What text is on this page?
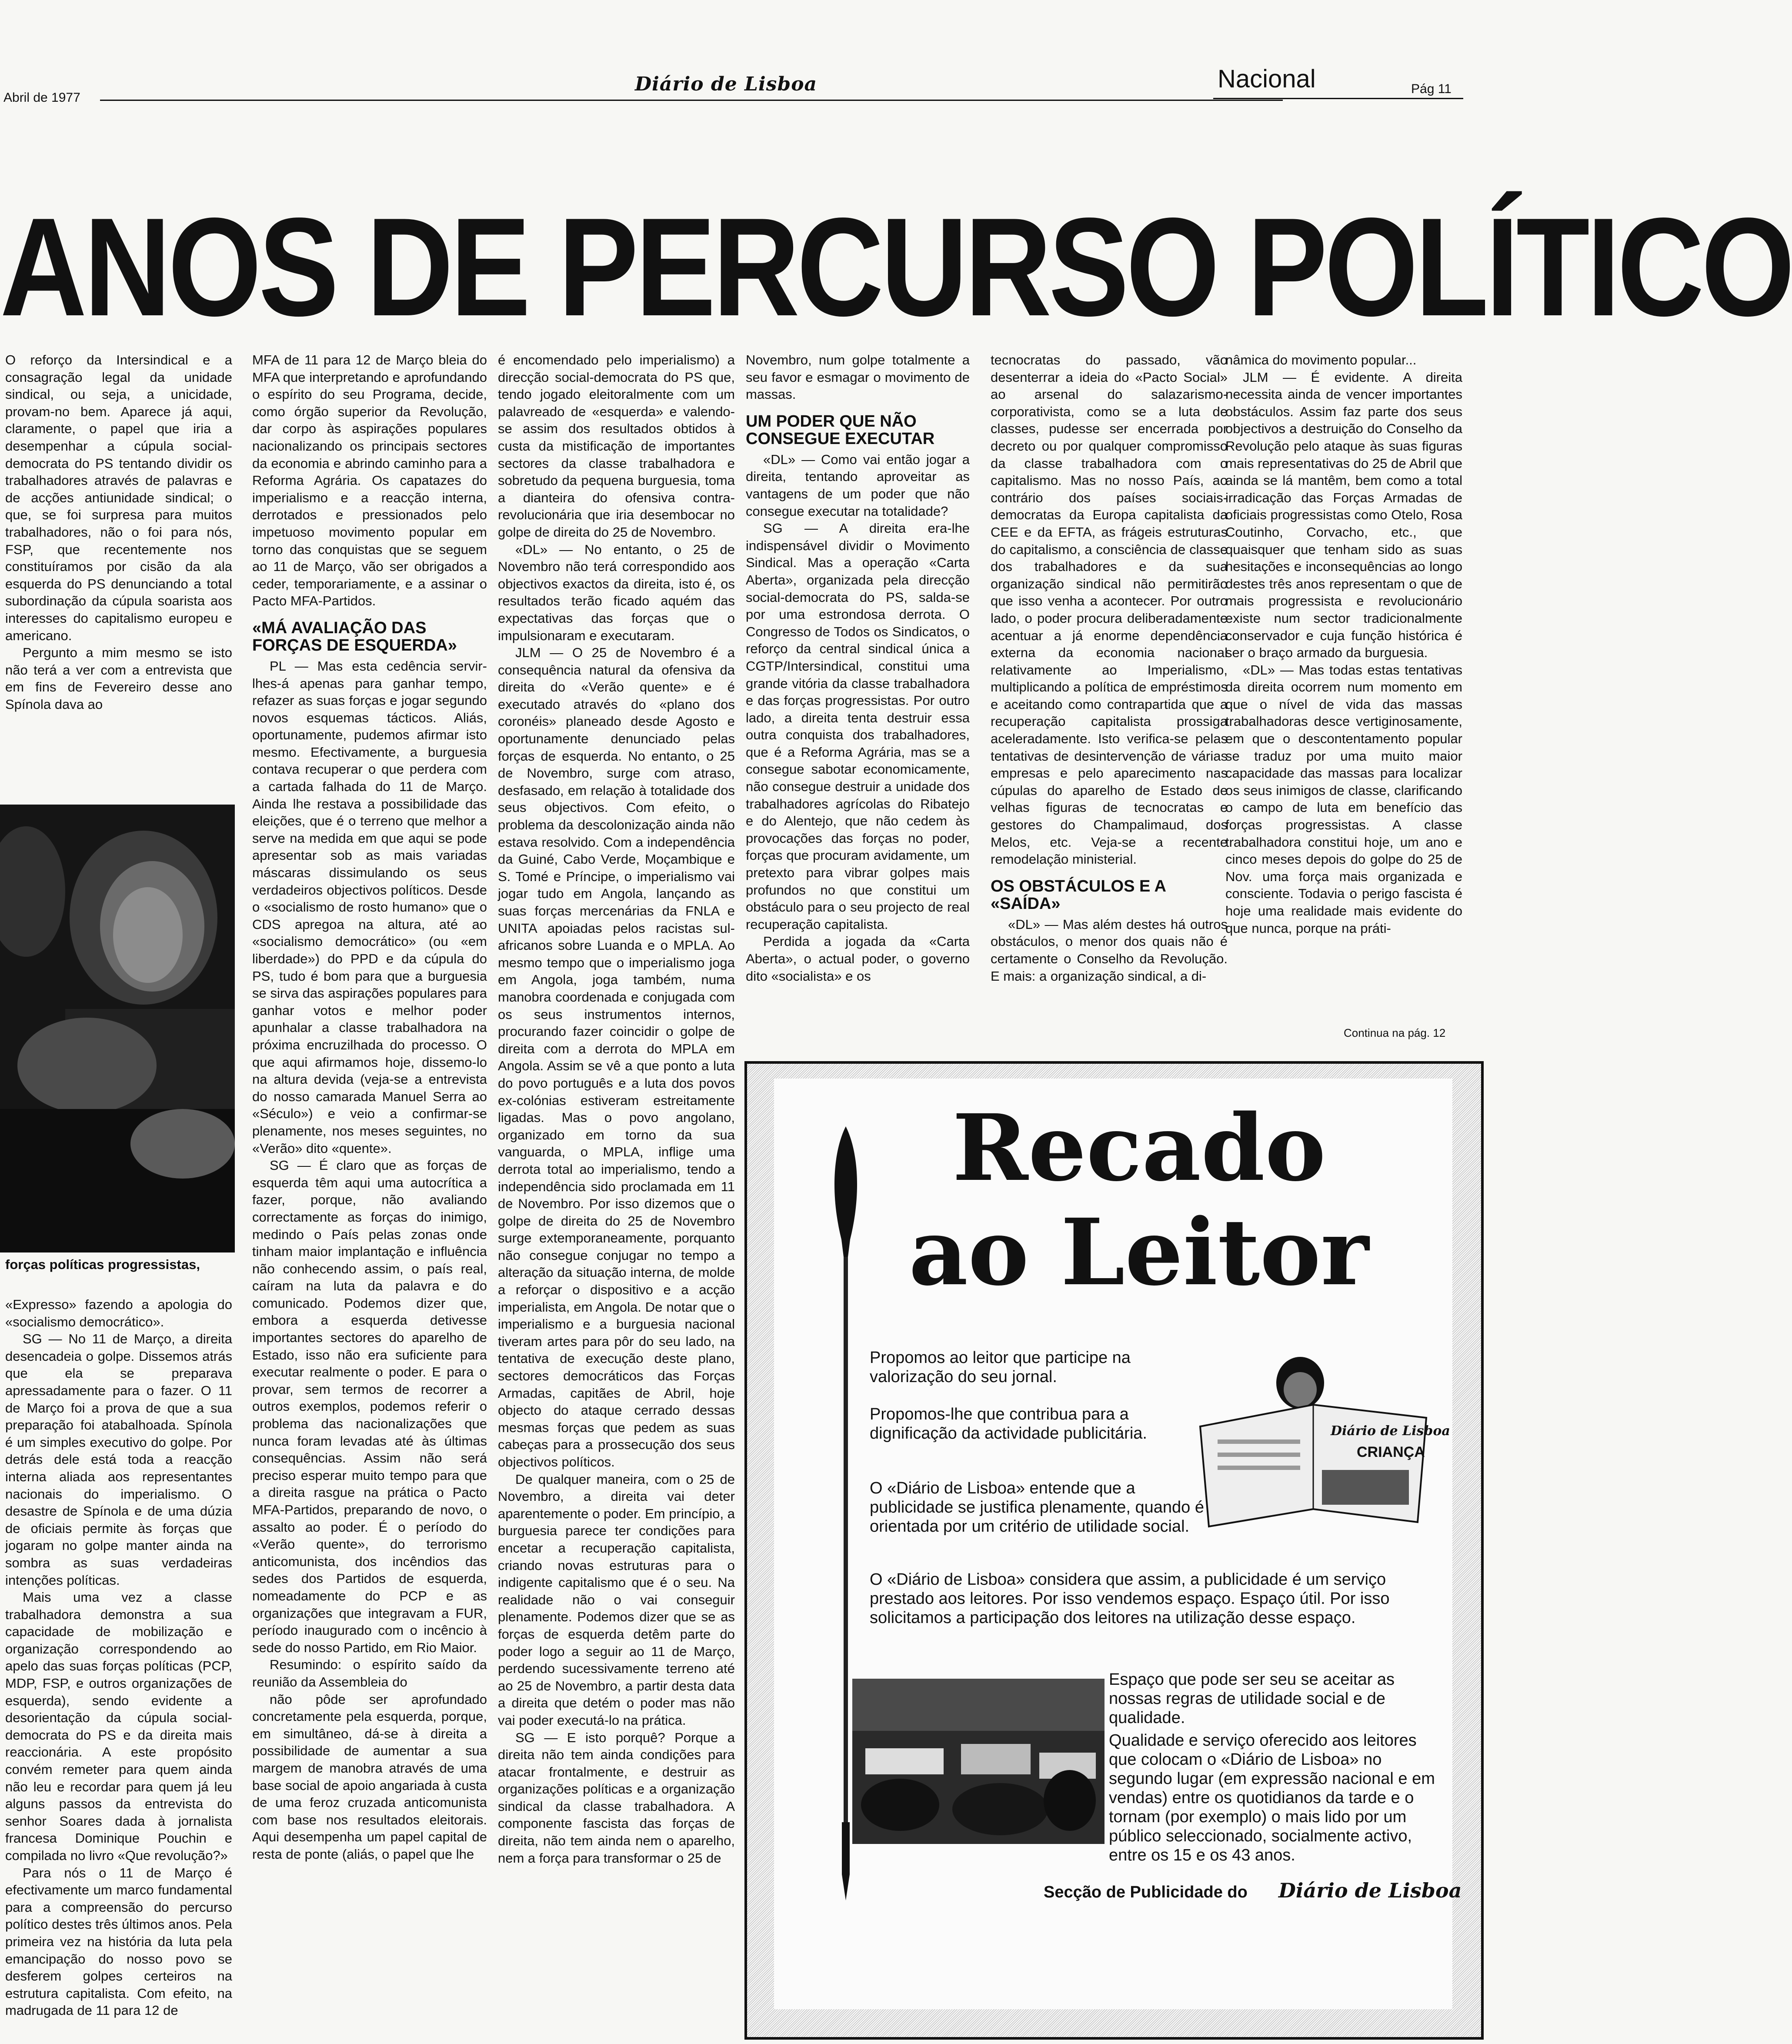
Abril de 1977
Diário de Lisboa	Nacional	Pág 11
ANOS DE PERCURSO POLÍTICO

O reforço da Intersindical e a consagração legal da unidade sindical, ou seja, a unicidade, provam-no bem. Aparece já aqui, claramente, o papel que iria a desempenhar a cúpula social-democrata do PS tentando dividir os trabalhadores através de palavras e de acções antiunidade sindical; o que, se foi surpresa para muitos trabalhadores, não o foi para nós, FSP, que recentemente nos constituíramos por cisão da ala esquerda do PS denunciando a total subordinação da cúpula soarista aos interesses do capitalismo europeu e americano.

Pergunto a mim mesmo se isto não terá a ver com a entrevista que em fins de Fevereiro desse ano Spínola dava ao

forças políticas progressistas,

«Expresso» fazendo a apologia do «socialismo democrático».

SG — No 11 de Março, a direita desencadeia o golpe. Dissemos atrás que ela se preparava apressadamente para o fazer. O 11 de Março foi a prova de que a sua preparação foi atabalhoada. Spínola é um simples executivo do golpe. Por detrás dele está toda a reacção interna aliada aos representantes nacionais do imperialismo. O desastre de Spínola e de uma dúzia de oficiais permite às forças que jogaram no golpe manter ainda na sombra as suas verdadeiras intenções políticas.

Mais uma vez a classe trabalhadora demonstra a sua capacidade de mobilização e organização correspondendo ao apelo das suas forças políticas (PCP, MDP, FSP, e outros organizações de esquerda), sendo evidente a desorientação da cúpula social-democrata do PS e da direita mais reaccionária. A este propósito convém remeter para quem ainda não leu e recordar para quem já leu alguns passos da entrevista do senhor Soares dada à jornalista francesa Dominique Pouchin e compilada no livro «Que revolução?»

Para nós o 11 de Março é efectivamente um marco fundamental para a compreensão do percurso político destes três últimos anos. Pela primeira vez na história da luta pela emancipação do nosso povo se desferem golpes certeiros na estrutura capitalista. Com efeito, na madrugada de 11 para 12 de

MFA de 11 para 12 de Março bleia do MFA que interpretando e aprofundando o espírito do seu Programa, decide, como órgão superior da Revolução, dar corpo às aspirações populares nacionalizando os principais sectores da economia e abrindo caminho para a Reforma Agrária. Os capatazes do imperialismo e a reacção interna, derrotados e pressionados pelo impetuoso movimento popular em torno das conquistas que se seguem ao 11 de Março, vão ser obrigados a ceder, temporariamente, e a assinar o Pacto MFA-Partidos.

«MÁ AVALIAÇÃO DAS FORÇAS DE ESQUERDA»

PL — Mas esta cedência servir-lhes-á apenas para ganhar tempo, refazer as suas forças e jogar segundo novos esquemas tácticos. Aliás, oportunamente, pudemos afirmar isto mesmo. Efectivamente, a burguesia contava recuperar o que perdera com a cartada falhada do 11 de Março. Ainda lhe restava a possibilidade das eleições, que é o terreno que melhor a serve na medida em que aqui se pode apresentar sob as mais variadas máscaras dissimulando os seus verdadeiros objectivos políticos. Desde o «socialismo de rosto humano» que o CDS apregoa na altura, até ao «socialismo democrático» (ou «em liberdade») do PPD e da cúpula do PS, tudo é bom para que a burguesia se sirva das aspirações populares para ganhar votos e melhor poder apunhalar a classe trabalhadora na próxima encruzilhada do processo. O que aqui afirmamos hoje, dissemo-lo na altura devida (veja-se a entrevista do nosso camarada Manuel Serra ao «Século») e veio a confirmar-se plenamente, nos meses seguintes, no «Verão» dito «quente».

SG — É claro que as forças de esquerda têm aqui uma autocrítica a fazer, porque, não avaliando correctamente as forças do inimigo, medindo o País pelas zonas onde tinham maior implantação e influência não conhecendo assim, o país real, caíram na luta da palavra e do comunicado. Podemos dizer que, embora a esquerda detivesse importantes sectores do aparelho de Estado, isso não era suficiente para executar realmente o poder. E para o provar, sem termos de recorrer a outros exemplos, podemos referir o problema das nacionalizações que nunca foram levadas até às últimas consequências. Assim não será preciso esperar muito tempo para que a direita rasgue na prática o Pacto MFA-Partidos, preparando de novo, o assalto ao poder. É o período do «Verão quente», do terrorismo anticomunista, dos incêndios das sedes dos Partidos de esquerda, nomeadamente do PCP e as organizações que integravam a FUR, período inaugurado com o incêncio à sede do nosso Partido, em Rio Maior.

Resumindo: o espírito saído da reunião da Assembleia do

não pôde ser aprofundado concretamente pela esquerda, porque, em simultâneo, dá-se à direita a possibilidade de aumentar a sua margem de manobra através de uma base social de apoio angariada à custa de uma feroz cruzada anticomunista com base nos resultados eleitorais. Aqui desempenha um papel capital de resta de ponte (aliás, o papel que lhe

é encomendado pelo imperialismo) a direcção social-democrata do PS que, tendo jogado eleitoralmente com um palavreado de «esquerda» e valendo-se assim dos resultados obtidos à custa da mistificação de importantes sectores da classe trabalhadora e sobretudo da pequena burguesia, toma a dianteira do ofensiva contra-revolucionária que iria desembocar no golpe de direita do 25 de Novembro.

«DL» — No entanto, o 25 de Novembro não terá correspondido aos objectivos exactos da direita, isto é, os resultados terão ficado aquém das expectativas das forças que o impulsionaram e executaram.

JLM — O 25 de Novembro é a consequência natural da ofensiva da direita do «Verão quente» e é executado através do «plano dos coronéis» planeado desde Agosto e oportunamente denunciado pelas forças de esquerda. No entanto, o 25 de Novembro, surge com atraso, desfasado, em relação à totalidade dos seus objectivos. Com efeito, o problema da descolonização ainda não estava resolvido. Com a independência da Guiné, Cabo Verde, Moçambique e S. Tomé e Príncipe, o imperialismo vai jogar tudo em Angola, lançando as suas forças mercenárias da FNLA e UNITA apoiadas pelos racistas sul-africanos sobre Luanda e o MPLA. Ao mesmo tempo que o imperialismo joga em Angola, joga também, numa manobra coordenada e conjugada com os seus instrumentos internos, procurando fazer coincidir o golpe de direita com a derrota do MPLA em Angola. Assim se vê a que ponto a luta do povo português e a luta dos povos ex-colónias estiveram estreitamente ligadas. Mas o povo angolano, organizado em torno da sua vanguarda, o MPLA, inflige uma derrota total ao imperialismo, tendo a independência sido proclamada em 11 de Novembro. Por isso dizemos que o golpe de direita do 25 de Novembro surge extemporaneamente, porquanto não consegue conjugar no tempo a alteração da situação interna, de molde a reforçar o dispositivo e a acção imperialista, em Angola. De notar que o imperialismo e a burguesia nacional tiveram artes para pôr do seu lado, na tentativa de execução deste plano, sectores democráticos das Forças Armadas, capitães de Abril, hoje objecto do ataque cerrado dessas mesmas forças que pedem as suas cabeças para a prossecução dos seus objectivos políticos.

De qualquer maneira, com o 25 de Novembro, a direita vai deter aparentemente o poder. Em princípio, a burguesia parece ter condições para encetar a recuperação capitalista, criando novas estruturas para o indigente capitalismo que é o seu. Na realidade não o vai conseguir plenamente. Podemos dizer que se as forças de esquerda detêm parte do poder logo a seguir ao 11 de Março, perdendo sucessivamente terreno até ao 25 de Novembro, a partir desta data a direita que detém o poder mas não vai poder executá-lo na prática.

SG — E isto porquê? Porque a direita não tem ainda condições para atacar frontalmente, e destruir as organizações políticas e a organização sindical da classe trabalhadora. A componente fascista das forças de direita, não tem ainda nem o aparelho, nem a força para transformar o 25 de

Novembro, num golpe totalmente a seu favor e esmagar o movimento de massas.

UM PODER QUE NÃO CONSEGUE EXECUTAR

«DL» — Como vai então jogar a direita, tentando aproveitar as vantagens de um poder que não consegue executar na totalidade?

SG — A direita era-lhe indispensável dividir o Movimento Sindical. Mas a operação «Carta Aberta», organizada pela direcção social-democrata do PS, salda-se por uma estrondosa derrota. O Congresso de Todos os Sindicatos, o reforço da central sindical única a CGTP/Intersindical, constitui uma grande vitória da classe trabalhadora e das forças progressistas. Por outro lado, a direita tenta destruir essa outra conquista dos trabalhadores, que é a Reforma Agrária, mas se a consegue sabotar economicamente, não consegue destruir a unidade dos trabalhadores agrícolas do Ribatejo e do Alentejo, que não cedem às provocações das forças no poder, forças que procuram avidamente, um pretexto para vibrar golpes mais profundos no que constitui um obstáculo para o seu projecto de real recuperação capitalista.

Perdida a jogada da «Carta Aberta», o actual poder, o governo dito «socialista» e os

tecnocratas do passado, vão desenterrar a ideia do «Pacto Social» ao arsenal do salazarismo-corporativista, como se a luta de classes, pudesse ser encerrada por decreto ou por qualquer compromisso da classe trabalhadora com o capitalismo. Mas no nosso País, ao contrário dos países sociais-democratas da Europa capitalista da CEE e da EFTA, as frágeis estruturas do capitalismo, a consciência de classe dos trabalhadores e da sua organização sindical não permitirão que isso venha a acontecer. Por outro lado, o poder procura deliberadamente acentuar a já enorme dependência externa da economia nacional relativamente ao Imperialismo, multiplicando a política de empréstimos e aceitando como contrapartida que a recuperação capitalista prossiga aceleradamente. Isto verifica-se pelas tentativas de desintervenção de várias empresas e pelo aparecimento nas cúpulas do aparelho de Estado de velhas figuras de tecnocratas e gestores do Champalimaud, dos Melos, etc. Veja-se a recente remodelação ministerial.

OS OBSTÁCULOS E A «SAÍDA»

«DL» — Mas além destes há outros obstáculos, o menor dos quais não é certamente o Conselho da Revolução. E mais: a organização sindical, a di-

nâmica do movimento popular...

JLM — É evidente. A direita necessita ainda de vencer importantes obstáculos. Assim faz parte dos seus objectivos a destruição do Conselho da Revolução pelo ataque às suas figuras mais representativas do 25 de Abril que ainda se lá mantêm, bem como a total irradicação das Forças Armadas de oficiais progressistas como Otelo, Rosa Coutinho, Corvacho, etc., que quaisquer que tenham sido as suas hesitações e inconsequências ao longo destes três anos representam o que de mais progressista e revolucionário existe num sector tradicionalmente conservador e cuja função histórica é ser o braço armado da burguesia.

«DL» — Mas todas estas tentativas da direita ocorrem num momento em que o nível de vida das massas trabalhadoras desce vertiginosamente, em que o descontentamento popular se traduz por uma muito maior capacidade das massas para localizar os seus inimigos de classe, clarificando o campo de luta em benefício das forças progressistas. A classe trabalhadora constitui hoje, um ano e cinco meses depois do golpe do 25 de Nov. uma força mais organizada e consciente. Todavia o perigo fascista é hoje uma realidade mais evidente do que nunca, porque na práti-

Continua na pág. 12
Recado
ao Leitor
Diário de Lisboa
CRIANÇA
Propomos ao leitor que participe na valorização do seu jornal.
Propomos-lhe que contribua para a dignificação da actividade publicitária.
O «Diário de Lisboa» entende que a publicidade se justifica plenamente, quando é orientada por um critério de utilidade social.
O «Diário de Lisboa» considera que assim, a publicidade é um serviço prestado aos leitores. Por isso vendemos espaço. Espaço útil. Por isso solicitamos a participação dos leitores na utilização desse espaço.
Espaço que pode ser seu se aceitar as nossas regras de utilidade social e de qualidade.
Qualidade e serviço oferecido aos leitores que colocam o «Diário de Lisboa» no segundo lugar (em expressão nacional e em vendas) entre os quotidianos da tarde e o tornam (por exemplo) o mais lido por um público seleccionado, socialmente activo, entre os 15 e os 43 anos.
Secção de Publicidade do Diário de Lisboa
